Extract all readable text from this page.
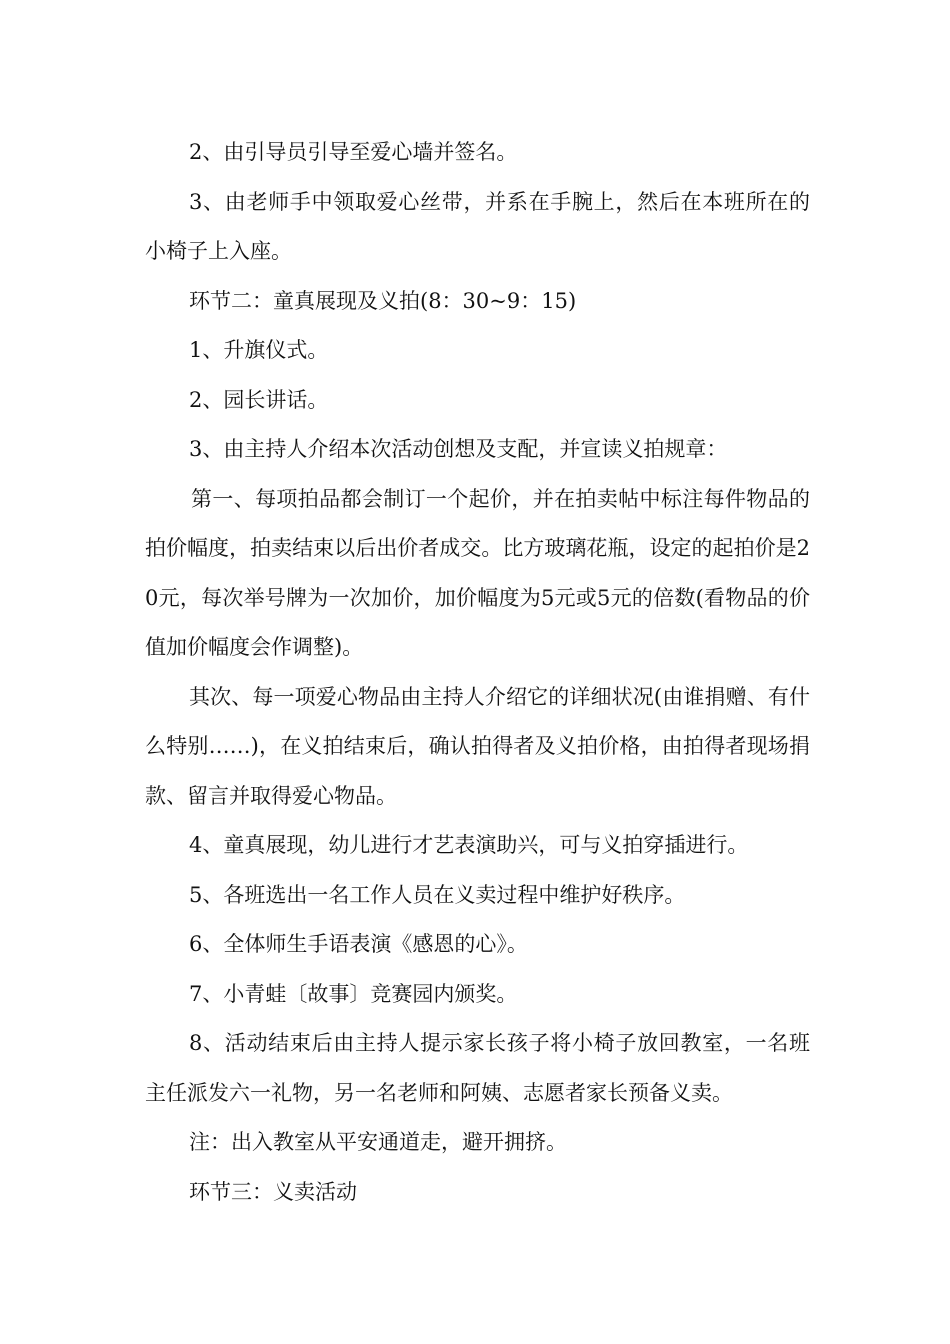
2、由引导员引导至爱心墙并签名。

3、由老师手中领取爱心丝带，并系在手腕上，然后在本班所在的小椅子上入座。

环节二：童真展现及义拍(8：30~9：15)

1、升旗仪式。

2、园长讲话。

3、由主持人介绍本次活动创想及支配，并宣读义拍规章：

第一、每项拍品都会制订一个起价，并在拍卖帖中标注每件物品的拍价幅度，拍卖结束以后出价者成交。比方玻璃花瓶，设定的起拍价是20元，每次举号牌为一次加价，加价幅度为5元或5元的倍数(看物品的价值加价幅度会作调整)。

其次、每一项爱心物品由主持人介绍它的详细状况(由谁捐赠、有什么特别……)，在义拍结束后，确认拍得者及义拍价格，由拍得者现场捐款、留言并取得爱心物品。

4、童真展现，幼儿进行才艺表演助兴，可与义拍穿插进行。

5、各班选出一名工作人员在义卖过程中维护好秩序。

6、全体师生手语表演《感恩的心》。

7、小青蛙〔故事〕竞赛园内颁奖。

8、活动结束后由主持人提示家长孩子将小椅子放回教室，一名班主任派发六一礼物，另一名老师和阿姨、志愿者家长预备义卖。

注：出入教室从平安通道走，避开拥挤。

环节三：义卖活动
